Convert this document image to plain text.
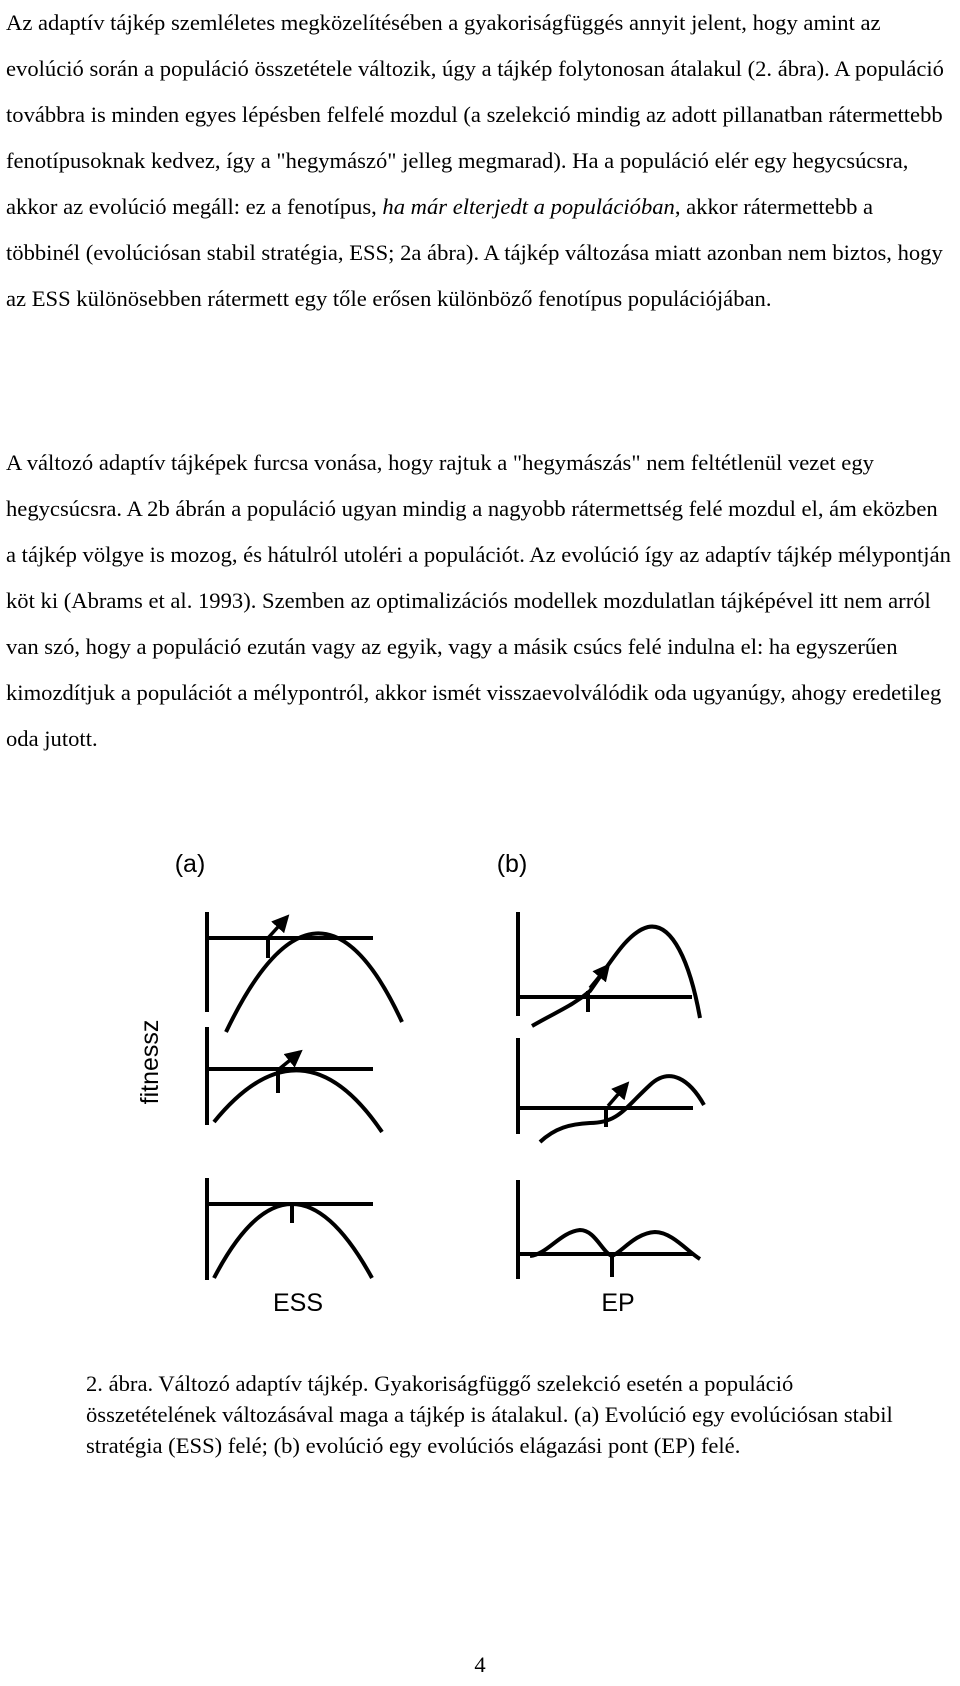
Az adaptív tájkép szemléletes megközelítésében a gyakoriságfüggés annyit jelent, hogy amint az evolúció során a populáció összetétele változik, úgy a tájkép folytonosan átalakul (2. ábra). A populáció továbbra is minden egyes lépésben felfelé mozdul (a szelekció mindig az adott pillanatban rátermettebb fenotípusoknak kedvez, így a "hegymászó" jelleg megmarad). Ha a populáció elér egy hegycsúcsra, akkor az evolúció megáll: ez a fenotípus, ha már elterjedt a populációban, akkor rátermettebb a többinél (evolúciósan stabil stratégia, ESS; 2a ábra). A tájkép változása miatt azonban nem biztos, hogy az ESS különösebben rátermett egy tőle erősen különböző fenotípus populációjában.

A változó adaptív tájképek furcsa vonása, hogy rajtuk a "hegymászás" nem feltétlenül vezet egy hegycsúcsra. A 2b ábrán a populáció ugyan mindig a nagyobb rátermettség felé mozdul el, ám eközben a tájkép völgye is mozog, és hátulról utoléri a populációt. Az evolúció így az adaptív tájkép mélypontján köt ki (Abrams et al. 1993). Szemben az optimalizációs modellek mozdulatlan tájképével itt nem arról van szó, hogy a populáció ezután vagy az egyik, vagy a másik csúcs felé indulna el: ha egyszerűen kimozdítjuk a populációt a mélypontról, akkor ismét visszaevolválódik oda ugyanúgy, ahogy eredetileg oda jutott.

(a)	(b)
fitnessz
ESS	EP

2. ábra. Változó adaptív tájkép. Gyakoriságfüggő szelekció esetén a populáció összetételének változásával maga a tájkép is átalakul. (a) Evolúció egy evolúciósan stabil stratégia (ESS) felé; (b) evolúció egy evolúciós elágazási pont (EP) felé.

4
